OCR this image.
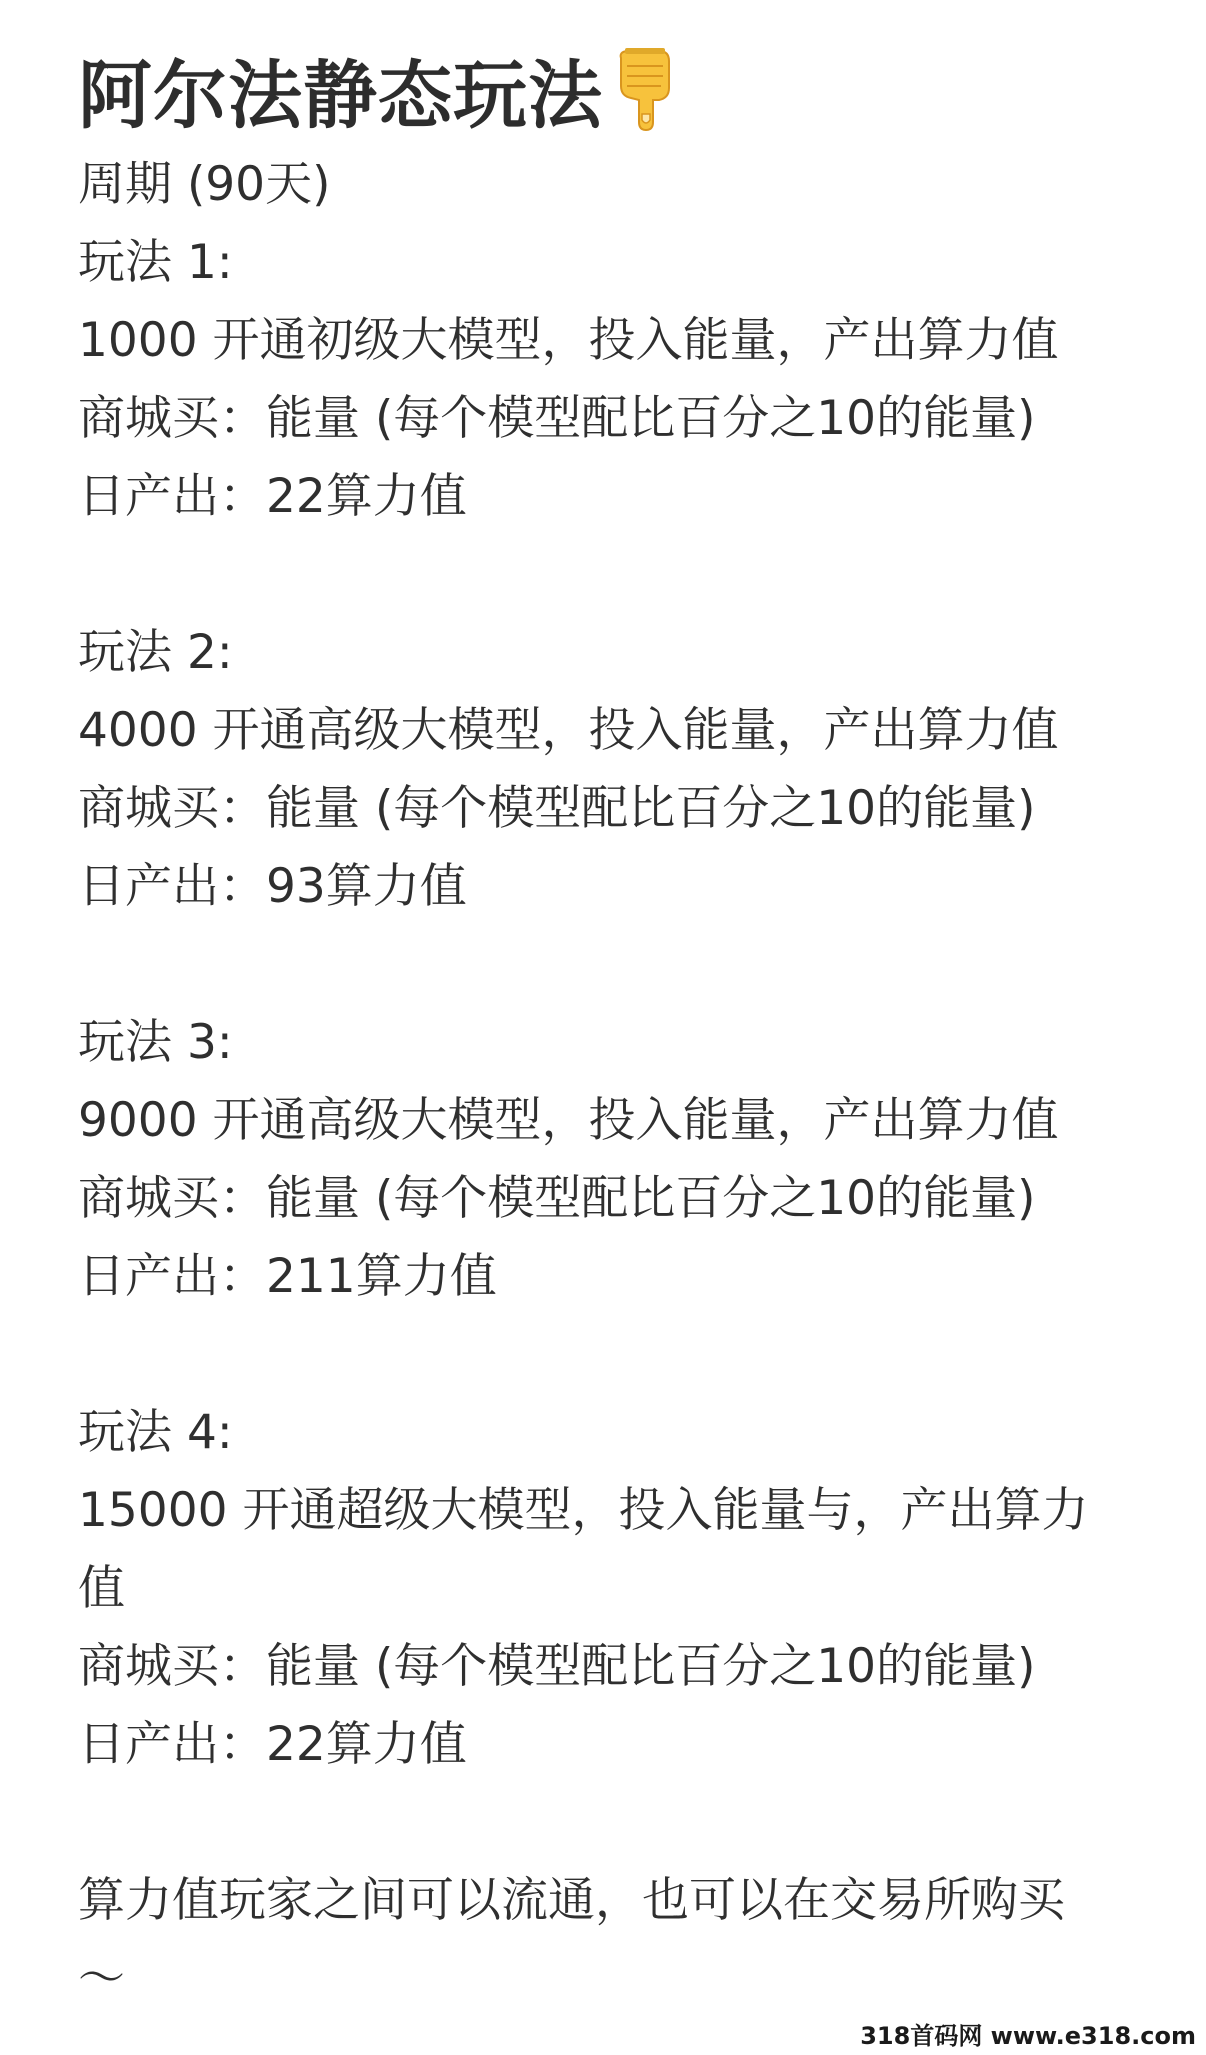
阿尔法静态玩法
周期 (90天)
玩法 1:
1000 开通初级大模型，投入能量，产出算力值
商城买：能量 (每个模型配比百分之10的能量)
日产出：22算力值
玩法 2:
4000 开通高级大模型，投入能量，产出算力值
商城买：能量 (每个模型配比百分之10的能量)
日产出：93算力值
玩法 3:
9000 开通高级大模型，投入能量，产出算力值
商城买：能量 (每个模型配比百分之10的能量)
日产出：211算力值
玩法 4:
15000 开通超级大模型，投入能量与，产出算力值
商城买：能量 (每个模型配比百分之10的能量)
日产出：22算力值
算力值玩家之间可以流通，也可以在交易所购买～
318首码网 www.e318.com
